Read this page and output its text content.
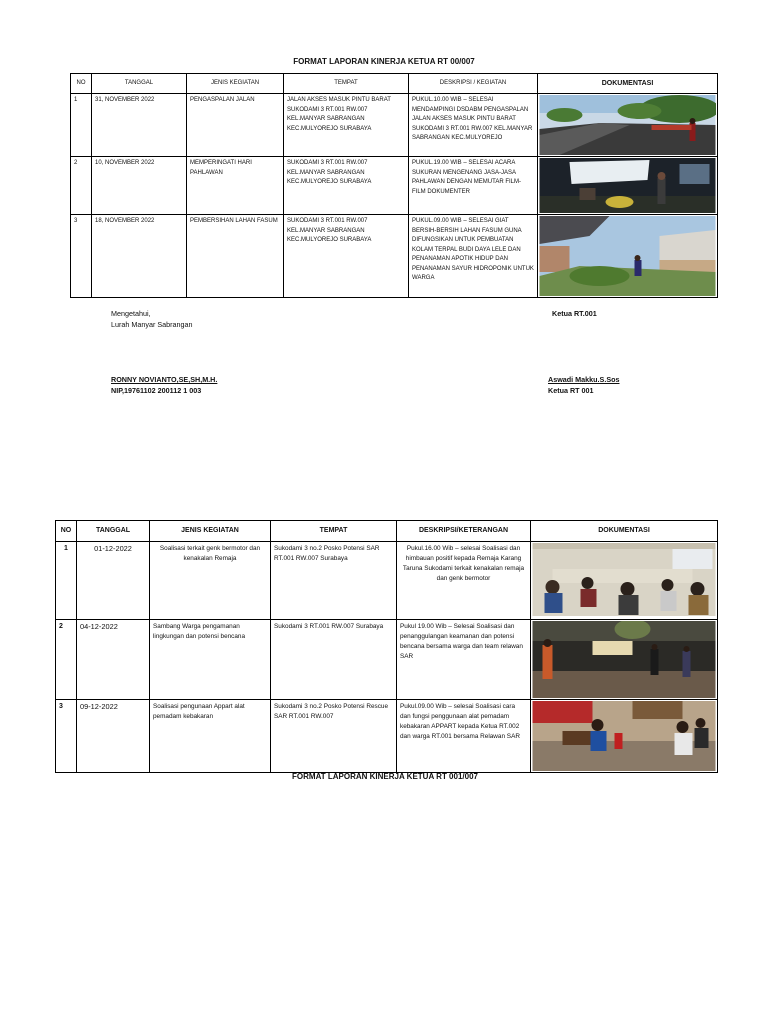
FORMAT LAPORAN KINERJA KETUA RT 00/007
NO	TANGGAL	JENIS KEGIATAN	TEMPAT	DESKRIPSI / KEGIATAN	DOKUMENTASI
1	31, NOVEMBER 2022	PENGASPALAN JALAN	JALAN AKSES MASUK PINTU BARAT SUKODAMI 3 RT.001 RW.007 KEL.MANYAR SABRANGAN KEC.MULYOREJO SURABAYA	PUKUL.10.00 WIB – SELESAI MENDAMPINGI DSDABM PENGASPALAN JALAN AKSES MASUK PINTU BARAT SUKODAMI 3 RT.001 RW.007 KEL.MANYAR SABRANGAN KEC.MULYOREJO	

2	10, NOVEMBER 2022	MEMPERINGATI HARI PAHLAWAN	SUKODAMI 3 RT.001 RW.007 KEL.MANYAR SABRANGAN KEC.MULYOREJO SURABAYA	PUKUL.19.00 WIB – SELESAI ACARA SUKURAN MENGENANG JASA-JASA PAHLAWAN DENGAN MEMUTAR FILM-FILM DOKUMENTER	

3	18, NOVEMBER 2022	PEMBERSIHAN LAHAN FASUM	SUKODAMI 3 RT.001 RW.007 KEL.MANYAR SABRANGAN KEC.MULYOREJO SURABAYA	PUKUL.09.00 WIB – SELESAI GIAT BERSIH-BERSIH LAHAN FASUM GUNA DIFUNGSIKAN UNTUK PEMBUATAN KOLAM TERPAL BUDI DAYA LELE DAN PENANAMAN APOTIK HIDUP DAN PENANAMAN SAYUR HIDROPONIK UNTUK WARGA	
Mengetahui,
Lurah Manyar Sabrangan
RONNY NOVIANTO,SE,SH,M.H.
NIP,19761102 200112 1 003
Ketua RT.001
Aswadi Makku.S.Sos
Ketua RT 001
NO	TANGGAL	JENIS KEGIATAN	TEMPAT	DESKRIPSI/KETERANGAN	DOKUMENTASI
1	01-12-2022	Soalisasi terkait genk bermotor dan kenakalan Remaja	Sukodami 3 no.2 Posko Potensi SAR RT.001 RW.007 Surabaya	Pukul.16.00 Wib – selesai Soalisasi dan himbauan positif kepada Remaja Karang Taruna Sukodami terkait kenakalan remaja dan genk bermotor	

2	04-12-2022	Sambang Warga pengamanan lingkungan dan potensi bencana	Sukodami 3 RT.001 RW.007 Surabaya	Pukul 19.00 Wib – Selesai Soalisasi dan penanggulangan keamanan dan potensi bencana bersama warga dan team relawan SAR	

3	09-12-2022	Soalisasi pengunaan Appart alat pemadam kebakaran	Sukodami 3 no.2 Posko Potensi Rescue SAR RT.001 RW.007	Pukul.09.00 Wib – selesai Soalisasi cara dan fungsi penggunaan alat pemadam kebakaran APPART kepada Ketua RT.002 dan warga RT.001 bersama Relawan SAR	
FORMAT LAPORAN KINERJA KETUA RT 001/007
